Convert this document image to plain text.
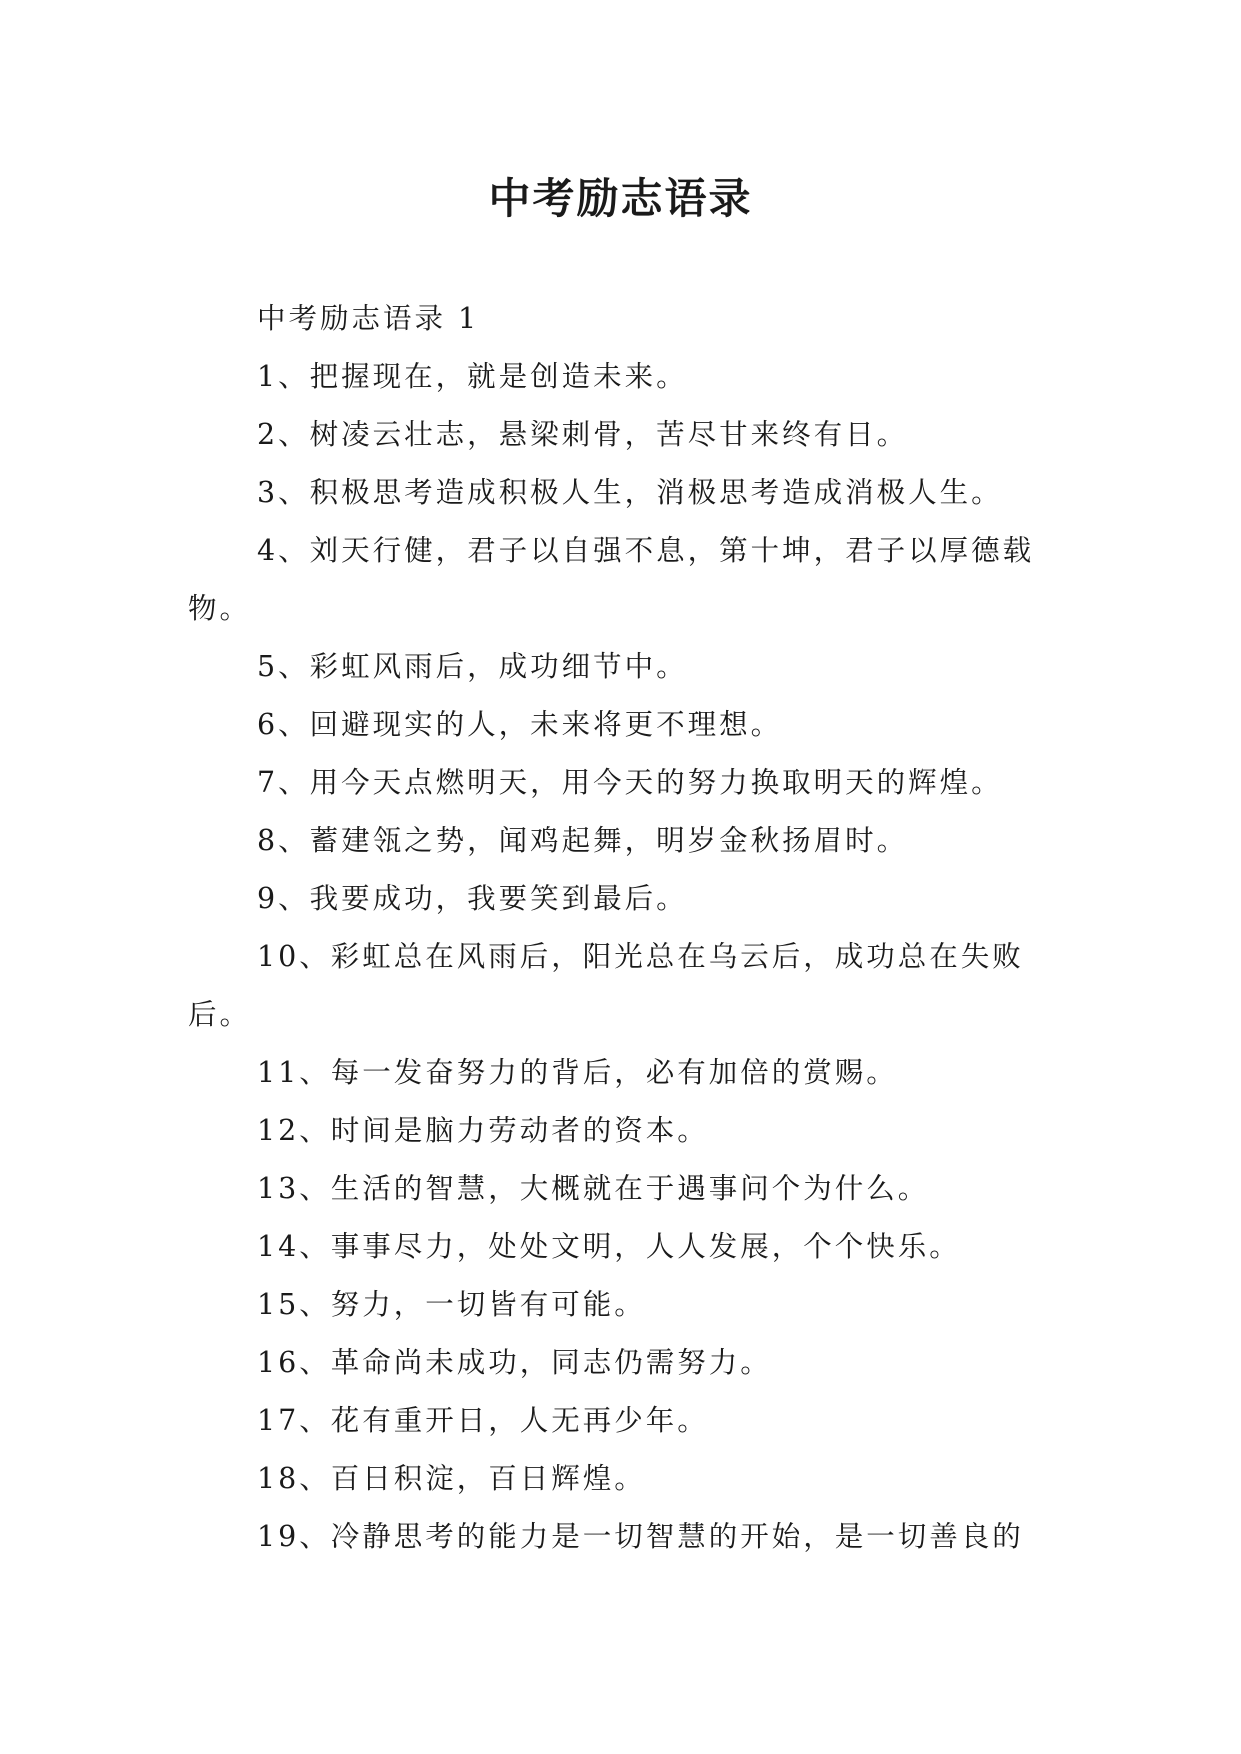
中考励志语录

中考励志语录 1

1、把握现在，就是创造未来。

2、树凌云壮志，悬梁刺骨，苦尽甘来终有日。

3、积极思考造成积极人生，消极思考造成消极人生。

4、刘天行健，君子以自强不息，第十坤，君子以厚德载物。

5、彩虹风雨后，成功细节中。

6、回避现实的人，未来将更不理想。

7、用今天点燃明天，用今天的努力换取明天的辉煌。

8、蓄建瓴之势，闻鸡起舞，明岁金秋扬眉时。

9、我要成功，我要笑到最后。

10、彩虹总在风雨后，阳光总在乌云后，成功总在失败后。

11、每一发奋努力的背后，必有加倍的赏赐。

12、时间是脑力劳动者的资本。

13、生活的智慧，大概就在于遇事问个为什么。

14、事事尽力，处处文明，人人发展，个个快乐。

15、努力，一切皆有可能。

16、革命尚未成功，同志仍需努力。

17、花有重开日，人无再少年。

18、百日积淀，百日辉煌。

19、冷静思考的能力是一切智慧的开始，是一切善良的
